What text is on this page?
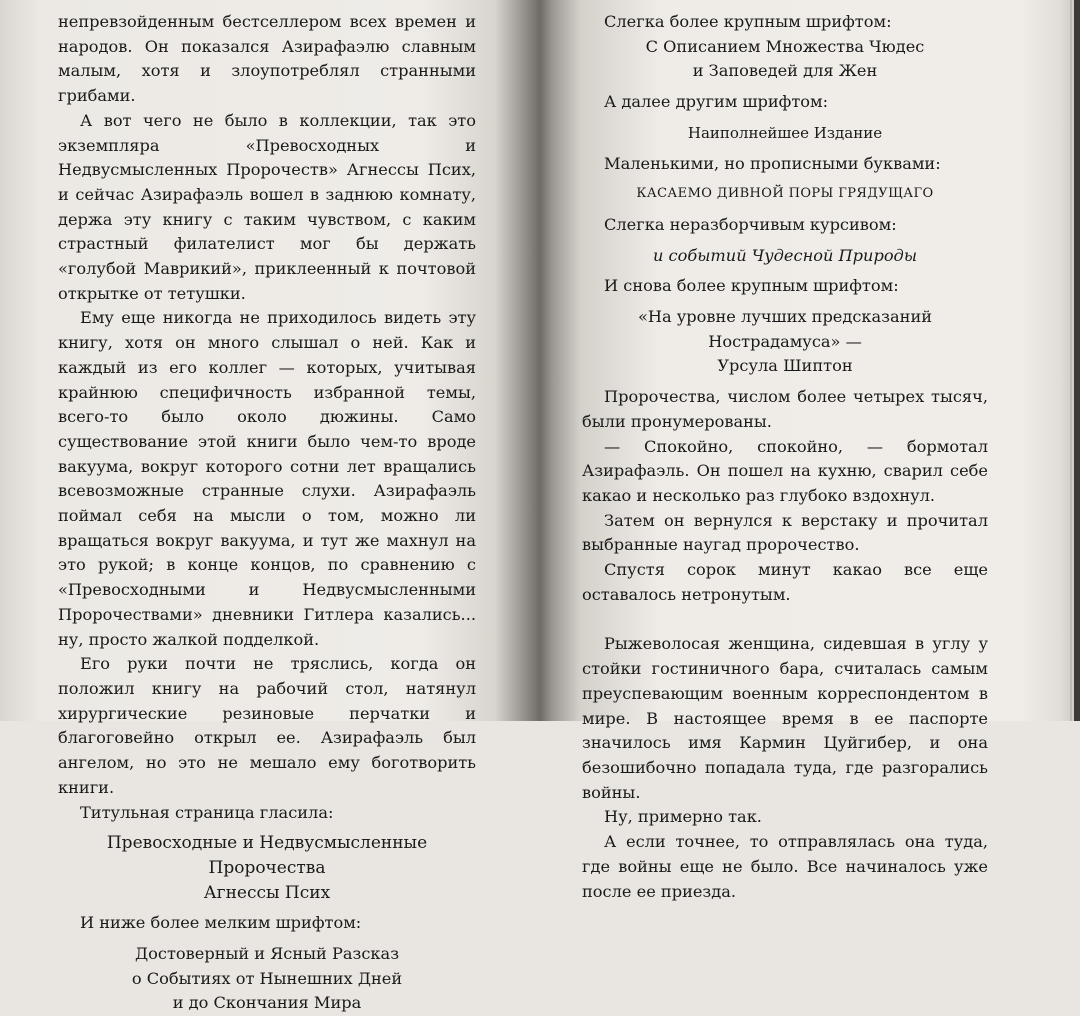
непревзойденным бестселлером всех времен и народов. Он показался Азирафаэлю славным малым, хотя и злоупотреблял странными грибами.

А вот чего не было в коллекции, так это экземпляра «Превосходных и Недвусмысленных Пророчеств» Агнессы Псих, и сейчас Азирафаэль вошел в заднюю комнату, держа эту книгу с таким чувством, с каким страстный филателист мог бы держать «голубой Маврикий», приклеенный к почтовой открытке от тетушки.

Ему еще никогда не приходилось видеть эту книгу, хотя он много слышал о ней. Как и каждый из его коллег — которых, учитывая крайнюю специфичность избранной темы, всего-то было около дюжины. Само существование этой книги было чем-то вроде вакуума, вокруг которого сотни лет вращались всевозможные странные слухи. Азирафаэль поймал себя на мысли о том, можно ли вращаться вокруг вакуума, и тут же махнул на это рукой; в конце концов, по сравнению с «Превосходными и Недвусмысленными Пророчествами» дневники Гитлера казались... ну, просто жалкой подделкой.

Его руки почти не тряслись, когда он положил книгу на рабочий стол, натянул хирургические резиновые перчатки и благоговейно открыл ее. Азирафаэль был ангелом, но это не мешало ему боготворить книги.

Титульная страница гласила:

Превосходные и Недвусмысленные Пророчества

Агнессы Псих

И ниже более мелким шрифтом:

Достоверный и Ясный Разсказ

о Событиях от Нынешних Дней

и до Скончания Мира

Слегка более крупным шрифтом:

С Описанием Множества Чюдес

и Заповедей для Жен

А далее другим шрифтом:

Наиполнейшее Издание

Маленькими, но прописными буквами:

КАСАЕМО ДИВНОЙ ПОРЫ ГРЯДУЩАГО

Слегка неразборчивым курсивом:

и событий Чудесной Природы

И снова более крупным шрифтом:

«На уровне лучших предсказаний Нострадамуса» —

Урсула Шиптон

Пророчества, числом более четырех тысяч, были пронумерованы.

— Спокойно, спокойно, — бормотал Азирафаэль. Он пошел на кухню, сварил себе какао и несколько раз глубоко вздохнул.

Затем он вернулся к верстаку и прочитал выбранные наугад пророчество.

Спустя сорок минут какао все еще оставалось нетронутым.

Рыжеволосая женщина, сидевшая в углу у стойки гостиничного бара, считалась самым преуспевающим военным корреспондентом в мире. В настоящее время в ее паспорте значилось имя Кармин Цуйгибер, и она безошибочно попадала туда, где разгорались войны.

Ну, примерно так.

А если точнее, то отправлялась она туда, где войны еще не было. Все начиналось уже после ее приезда.
